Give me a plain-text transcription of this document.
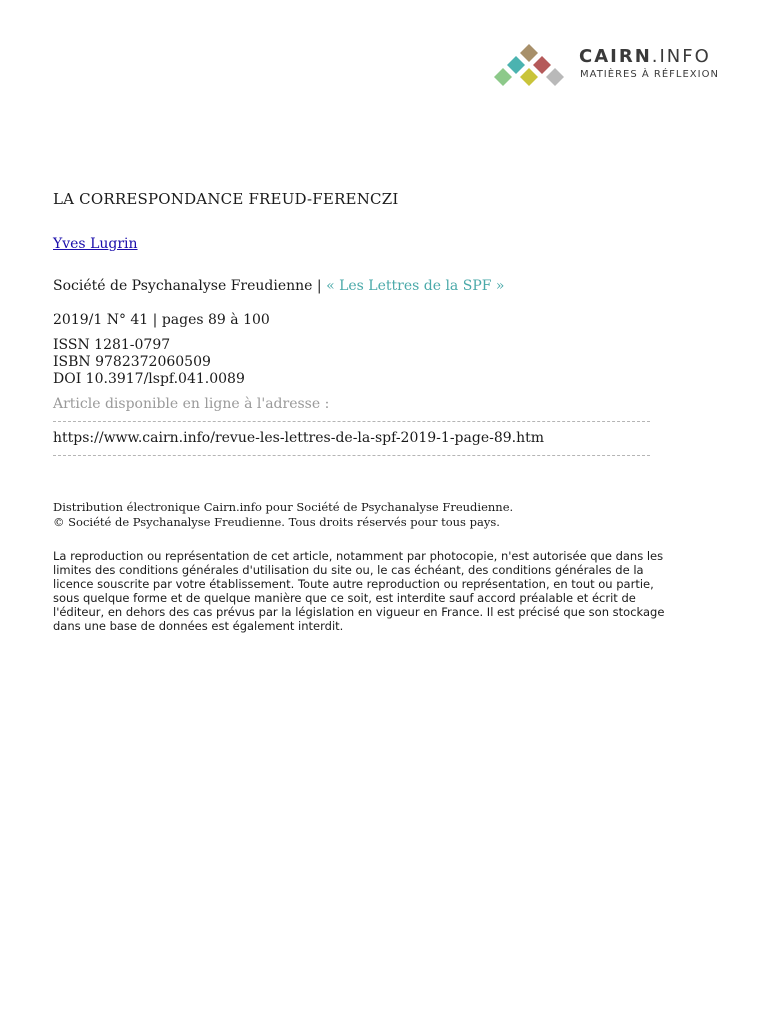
CAIRN.INFO
MATIÈRES À RÉFLEXION
LA CORRESPONDANCE FREUD-FERENCZI
Yves Lugrin
Société de Psychanalyse Freudienne | « Les Lettres de la SPF »
2019/1 N° 41 | pages 89 à 100
ISSN 1281-0797
ISBN 9782372060509
DOI 10.3917/lspf.041.0089
Article disponible en ligne à l'adresse :
https://www.cairn.info/revue-les-lettres-de-la-spf-2019-1-page-89.htm
Distribution électronique Cairn.info pour Société de Psychanalyse Freudienne.
© Société de Psychanalyse Freudienne. Tous droits réservés pour tous pays.
La reproduction ou représentation de cet article, notamment par photocopie, n'est autorisée que dans les
limites des conditions générales d'utilisation du site ou, le cas échéant, des conditions générales de la
licence souscrite par votre établissement. Toute autre reproduction ou représentation, en tout ou partie,
sous quelque forme et de quelque manière que ce soit, est interdite sauf accord préalable et écrit de
l'éditeur, en dehors des cas prévus par la législation en vigueur en France. Il est précisé que son stockage
dans une base de données est également interdit.
